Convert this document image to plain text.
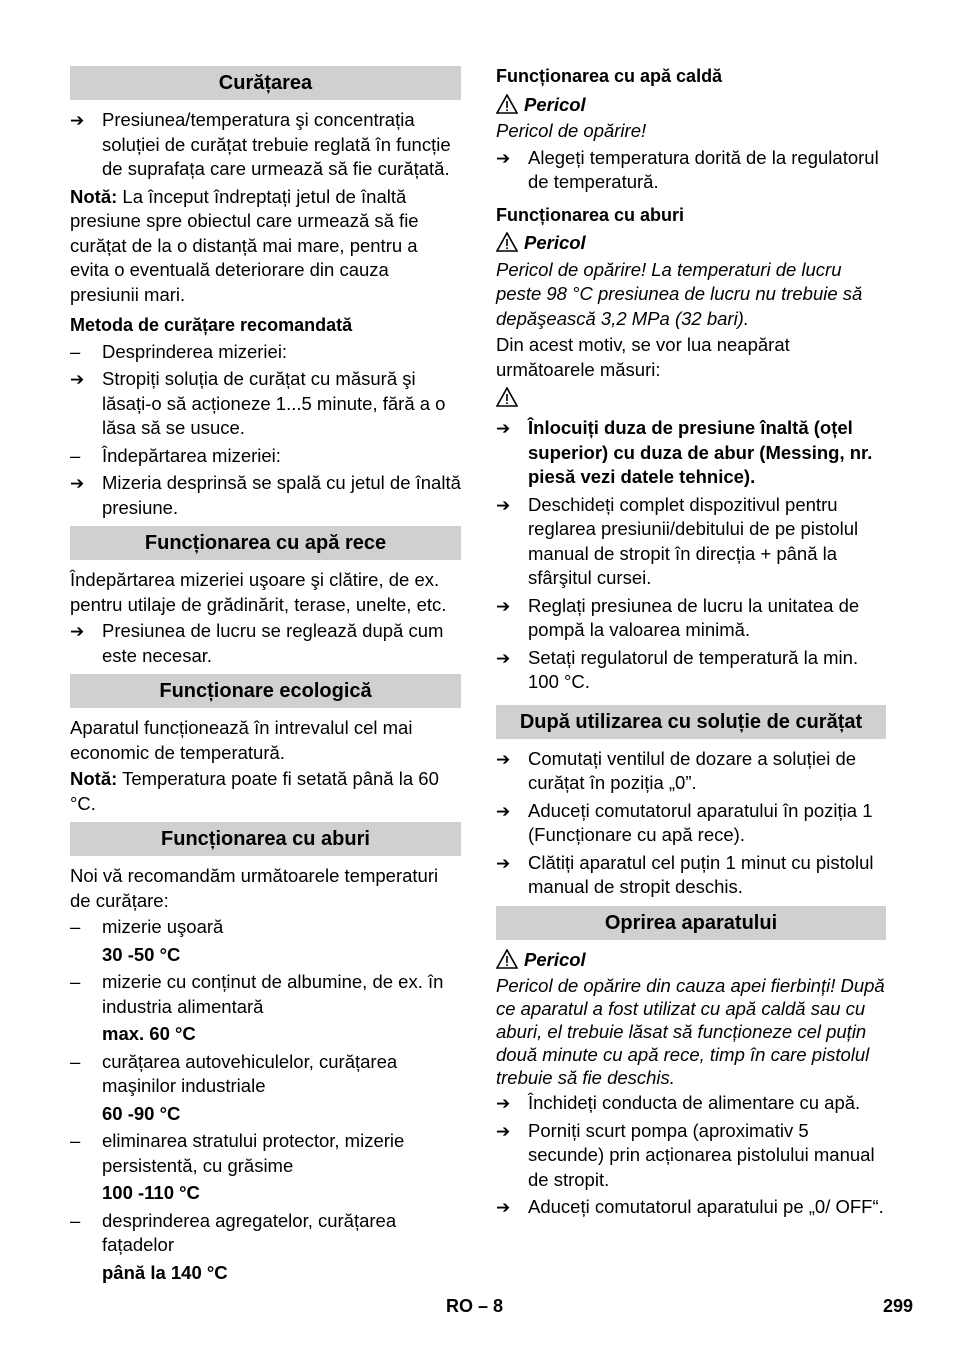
Curățarea
➔
Presiunea/temperatura şi concentrația soluției de curățat trebuie reglată în funcție de suprafața care urmează să fie curățată.

Notă: La început îndreptați jetul de înaltă presiune spre obiectul care urmează să fie curățat de la o distanță mai mare, pentru a evita o eventuală deteriorare din cauza presiunii mari.

Metoda de curățare recomandată
–
Desprinderea mizeriei:
➔
Stropiți soluția de curățat cu măsură şi lăsați-o să acționeze 1...5 minute, fără a o lăsa să se usuce.
–
Îndepărtarea mizeriei:
➔
Mizeria desprinsă se spală cu jetul de înaltă presiune.
Funcționarea cu apă rece

Îndepărtarea mizeriei uşoare şi clătire, de ex. pentru utilaje de grădinărit, terase, unelte, etc.

➔
Presiunea de lucru se reglează după cum este necesar.
Funcționare ecologică

Aparatul funcționează în intrevalul cel mai economic de temperatură.

Notă: Temperatura poate fi setată până la 60 °C.

Funcționarea cu aburi

Noi vă recomandăm următoarele temperaturi de curățare:

–
mizerie uşoară
30 -50 °C
–
mizerie cu conținut de albumine, de ex. în industria alimentară
max. 60 °C
–
curățarea autovehiculelor, curățarea maşinilor industriale
60 -90 °C
–
eliminarea stratului protector, mizerie persistentă, cu grăsime
100 -110 °C
–
desprinderea agregatelor, curățarea fațadelor
până la 140 °C
Funcționarea cu apă caldă
Pericol

Pericol de opărire!

➔
Alegeți temperatura dorită de la regulatorul de temperatură.
Funcționarea cu aburi
Pericol

Pericol de opărire! La temperaturi de lucru peste 98 °C presiunea de lucru nu trebuie să depăşească 3,2 MPa (32 bari).

Din acest motiv, se vor lua neapărat următoarele măsuri:

➔
Înlocuiți duza de presiune înaltă (oțel superior) cu duza de abur (Messing, nr. piesă vezi datele tehnice).
➔
Deschideți complet dispozitivul pentru reglarea presiunii/debitului de pe pistolul manual de stropit în direcția + până la sfârşitul cursei.
➔
Reglați presiunea de lucru la unitatea de pompă la valoarea minimă.
➔
Setați regulatorul de temperatură la min. 100 °C.
După utilizarea cu soluție de curățat
➔
Comutați ventilul de dozare a soluției de curățat în poziția „0”.
➔
Aduceți comutatorul aparatului în poziția 1 (Funcționare cu apă rece).
➔
Clătiți aparatul cel puțin 1 minut cu pistolul manual de stropit deschis.
Oprirea aparatului
Pericol

Pericol de opărire din cauza apei fierbinți! După ce aparatul a fost utilizat cu apă caldă sau cu aburi, el trebuie lăsat să funcționeze cel puțin două minute cu apă rece, timp în care pistolul trebuie să fie deschis.

➔
Închideți conducta de alimentare cu apă.
➔
Porniți scurt pompa (aproximativ 5 secunde) prin acționarea pistolului manual de stropit.
➔
Aduceți comutatorul aparatului pe „0/ OFF“.
RO – 8	299
